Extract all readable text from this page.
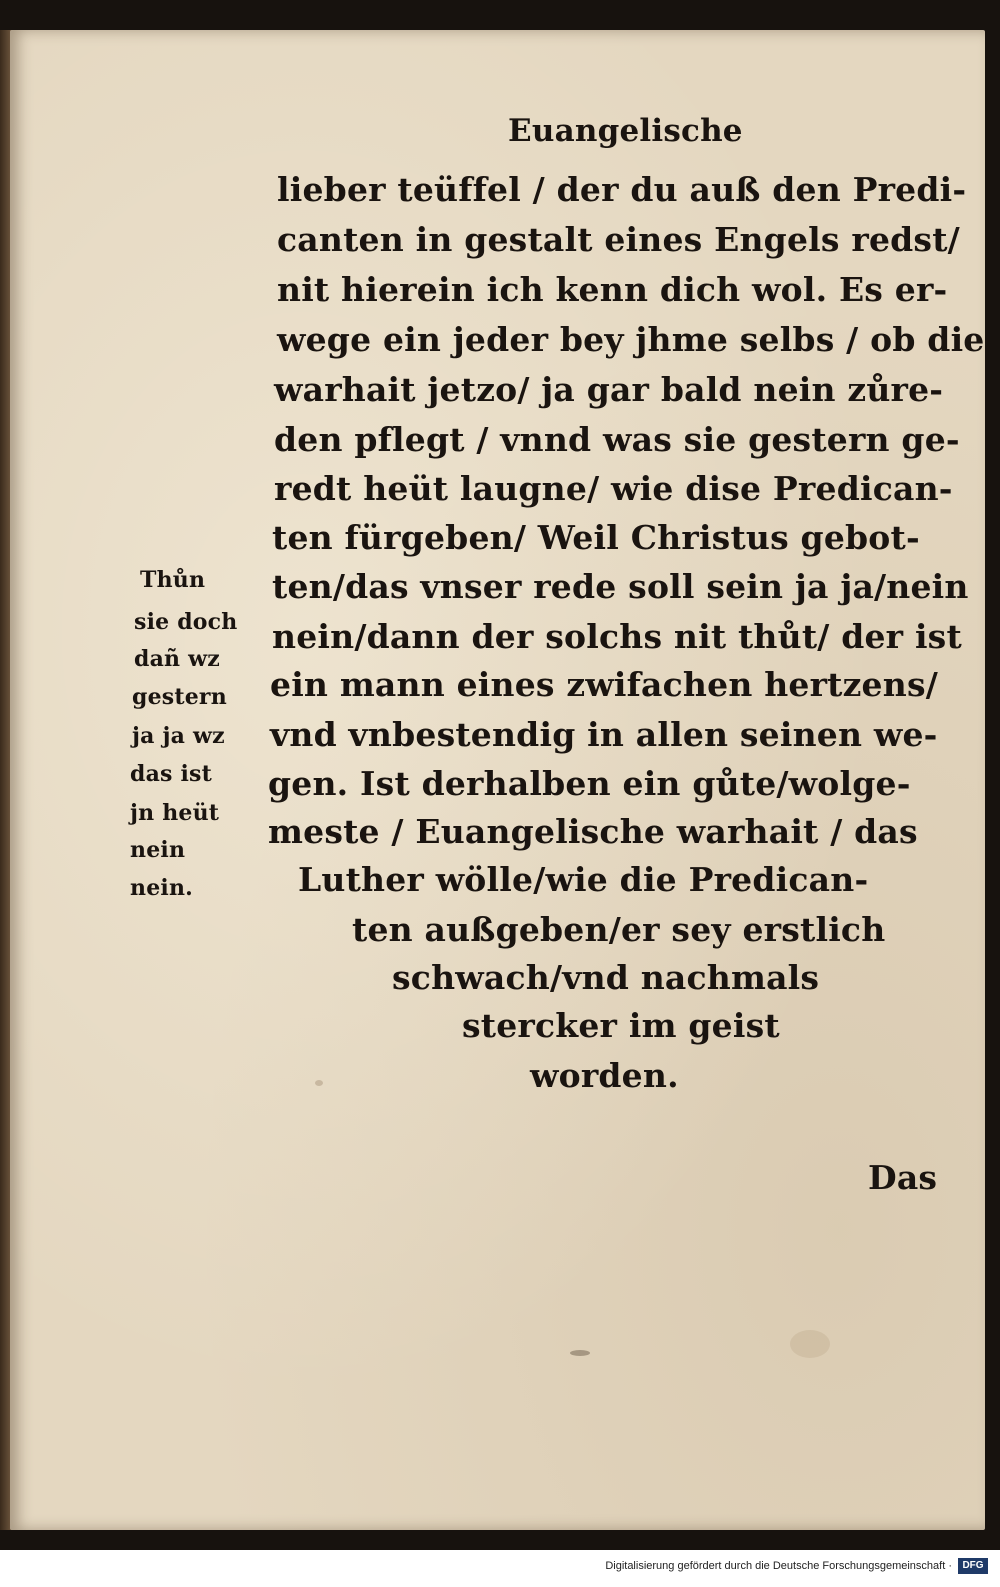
Euangelische
lieber teüffel / der du auß den Predi-
canten in gestalt eines Engels redst/
nit hierein ich kenn dich wol. Es er-
wege ein jeder bey jhme selbs / ob die
warhait jetzo/ ja gar bald nein zůre-
den pflegt / vnnd was sie gestern ge-
redt heüt laugne/ wie dise Predican-
ten fürgeben/ Weil Christus gebot-
ten/das vnser rede soll sein ja ja/nein
nein/dann der solchs nit thůt/ der ist
ein mann eines zwifachen hertzens/
vnd vnbestendig in allen seinen we-
gen. Ist derhalben ein gůte/wolge-
meste / Euangelische warhait / das
Luther wölle/wie die Predican-
ten außgeben/er sey erstlich
schwach/vnd nachmals
stercker im geist
worden.
Thůn
sie doch
dañ wz
gestern
ja ja wz
das ist
jn heüt
nein
nein.
Das
Digitalisierung gefördert durch die Deutsche Forschungsgemeinschaft ·	DFG
